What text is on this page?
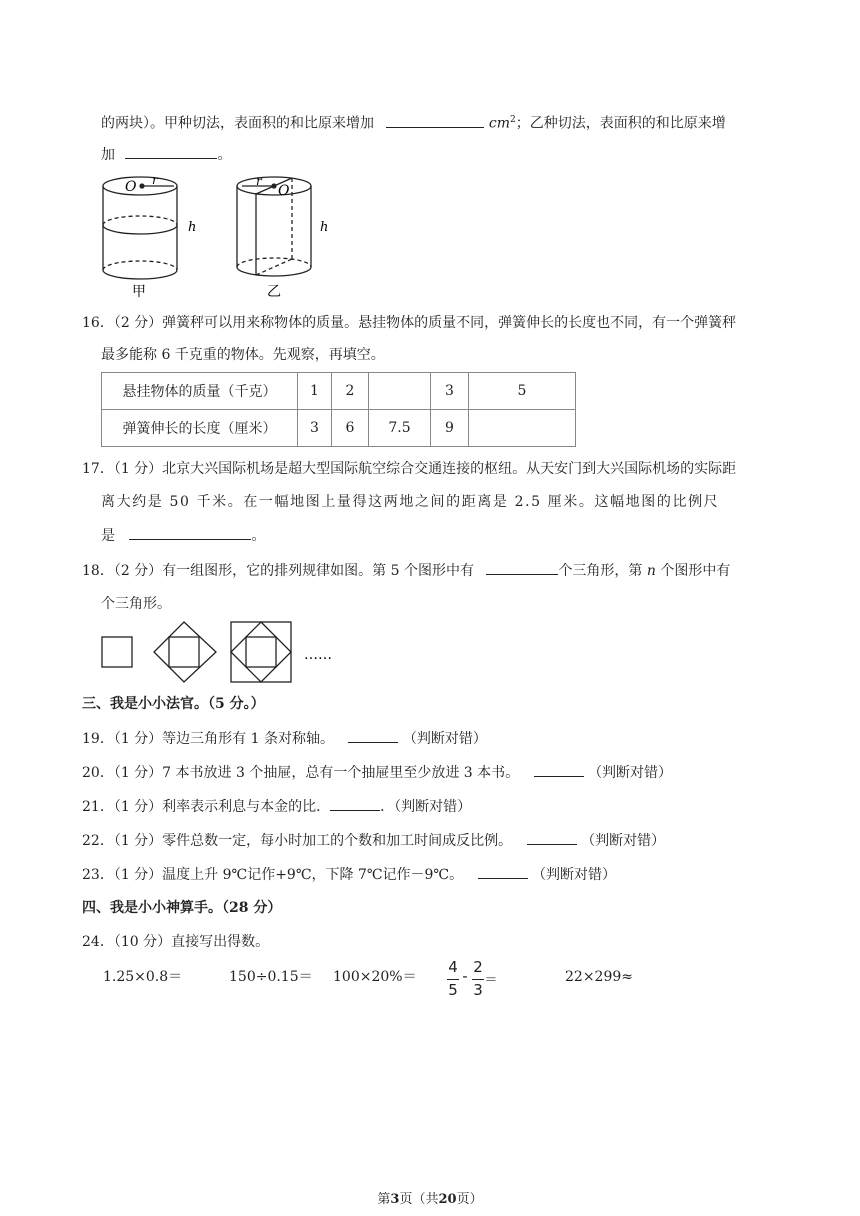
的两块）。甲种切法，表面积的和比原来增加	$cm^2$；乙种切法，表面积的和比原来增
加	。
O r
h
甲
O
r
h
乙
16．（2 分）弹簧秤可以用来称物体的质量。悬挂物体的质量不同，弹簧伸长的长度也不同，有一个弹簧秤
最多能称 6 千克重的物体。先观察，再填空。
悬挂物体的质量（千克）	1	2		3	5
弹簧伸长的长度（厘米）	3	6	7.5	9	
17．（1 分）北京大兴国际机场是超大型国际航空综合交通连接的枢纽。从天安门到大兴国际机场的实际距
离大约是 50 千米。在一幅地图上量得这两地之间的距离是 2.5 厘米。这幅地图的比例尺
是	。
18．（2 分）有一组图形，它的排列规律如图。第 5 个图形中有	个三角形，第 n 个图形中有
个三角形。
……
三、我是小小法官。（5 分。）
19．（1 分）等边三角形有 1 条对称轴。	（判断对错）
20．（1 分）7 本书放进 3 个抽屉，总有一个抽屉里至少放进 3 本书。	（判断对错）
21．（1 分）利率表示利息与本金的比．	．（判断对错）
22．（1 分）零件总数一定，每小时加工的个数和加工时间成反比例。	（判断对错）
23．（1 分）温度上升 9℃记作+9℃，下降 7℃记作－9℃。	（判断对错）
四、我是小小神算手。（28 分）
24．（10 分）直接写出得数。
1.25×0.8＝	150÷0.15＝ 100×20%＝
4
5
- 2
3
＝	22×299≈
第3页（共20页）
